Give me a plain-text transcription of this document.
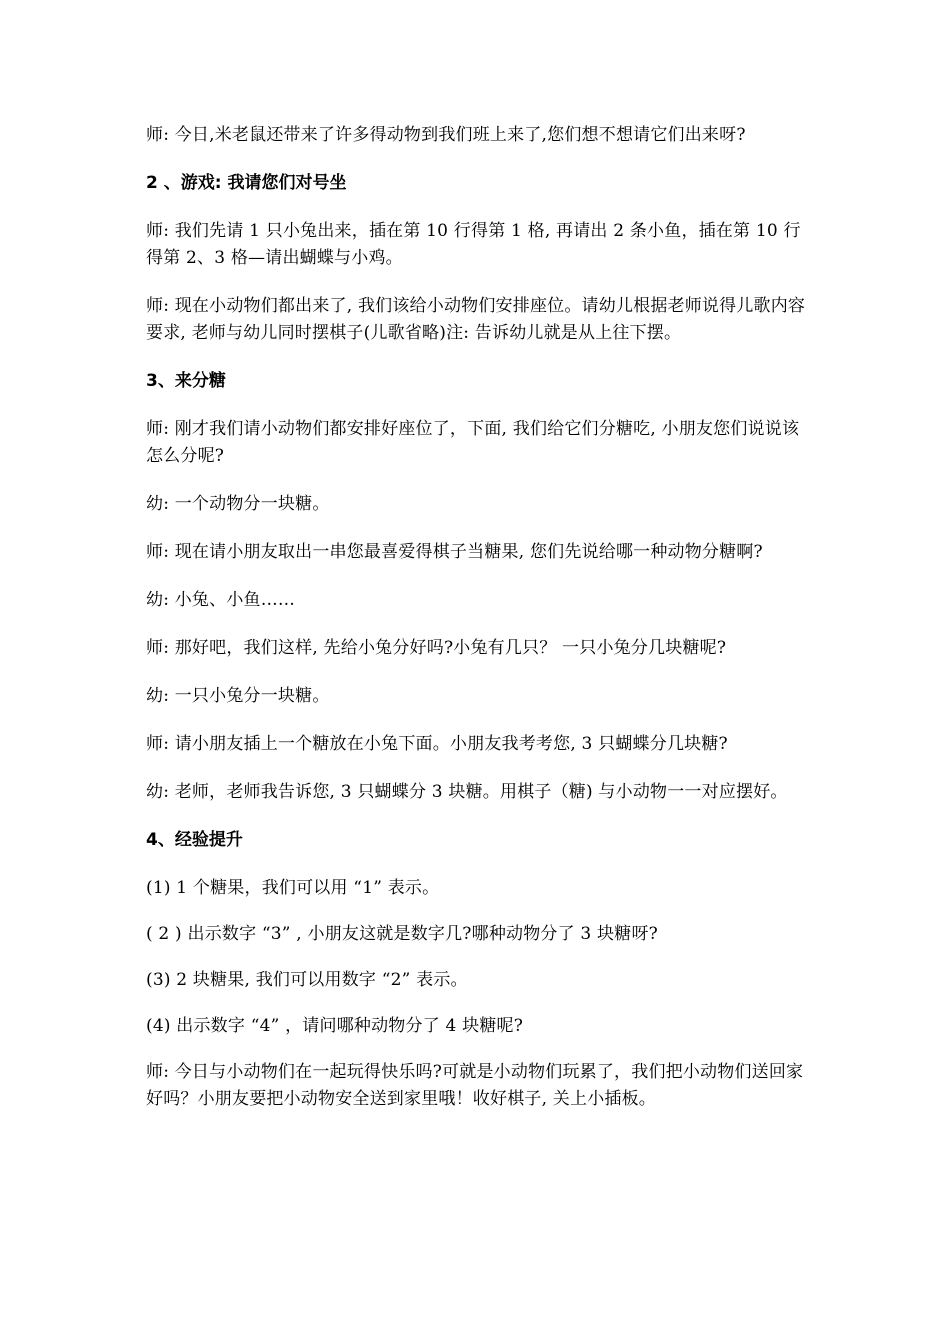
师: 今日,米老鼠还带来了许多得动物到我们班上来了,您们想不想请它们出来呀?

2 、游戏: 我请您们对号坐

师: 我们先请 1 只小兔出来，插在第 10 行得第 1 格, 再请出 2 条小鱼，插在第 10 行得第 2、3 格—请出蝴蝶与小鸡。

师: 现在小动物们都出来了, 我们该给小动物们安排座位。请幼儿根据老师说得儿歌内容要求, 老师与幼儿同时摆棋子(儿歌省略)注: 告诉幼儿就是从上往下摆。

3、来分糖

师: 刚才我们请小动物们都安排好座位了，下面, 我们给它们分糖吃, 小朋友您们说说该怎么分呢?

幼: 一个动物分一块糖。

师: 现在请小朋友取出一串您最喜爱得棋子当糖果, 您们先说给哪一种动物分糖啊?

幼: 小兔、小鱼……

师: 那好吧，我们这样, 先给小兔分好吗?小兔有几只？ 一只小兔分几块糖呢?

幼: 一只小兔分一块糖。

师: 请小朋友插上一个糖放在小兔下面。小朋友我考考您, 3 只蝴蝶分几块糖?

幼: 老师，老师我告诉您, 3 只蝴蝶分 3 块糖。用棋子（糖) 与小动物一一对应摆好。

4、经验提升

(1) 1 个糖果，我们可以用 “1” 表示。

( 2 ) 出示数字 “3” , 小朋友这就是数字几?哪种动物分了 3 块糖呀?

(3) 2 块糖果, 我们可以用数字 “2” 表示。

(4) 出示数字 “4” ，请问哪种动物分了 4 块糖呢?

师: 今日与小动物们在一起玩得快乐吗?可就是小动物们玩累了，我们把小动物们送回家好吗？小朋友要把小动物安全送到家里哦！收好棋子, 关上小插板。
